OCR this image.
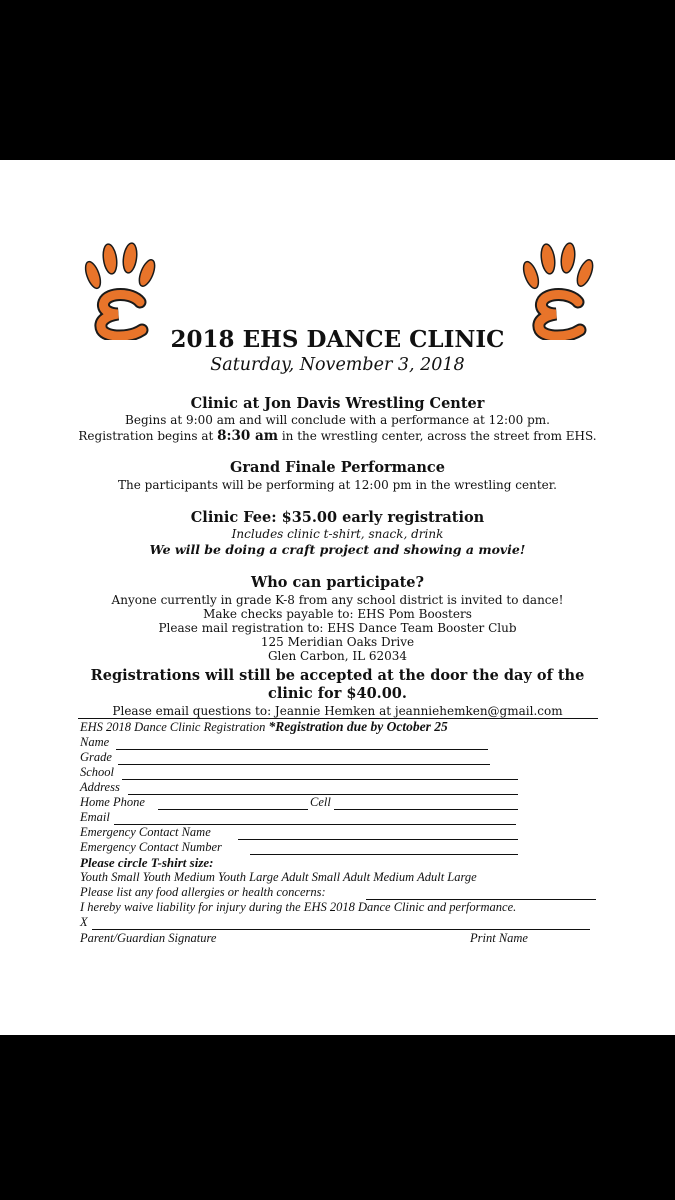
2018 EHS DANCE CLINIC
Saturday, November 3, 2018
Clinic at Jon Davis Wrestling Center
Begins at 9:00 am and will conclude with a performance at 12:00 pm.
Registration begins at 8:30 am in the wrestling center, across the street from EHS.
Grand Finale Performance
The participants will be performing at 12:00 pm in the wrestling center.
Clinic Fee: $35.00 early registration
Includes clinic t-shirt, snack, drink
We will be doing a craft project and showing a movie!
Who can participate?
Anyone currently in grade K-8 from any school district is invited to dance!
Make checks payable to: EHS Pom Boosters
Please mail registration to: EHS Dance Team Booster Club
125 Meridian Oaks Drive
Glen Carbon, IL 62034
Registrations will still be accepted at the door the day of the
clinic for $40.00.
Please email questions to: Jeannie Hemken at jeanniehemken@gmail.com
EHS 2018 Dance Clinic Registration *Registration due by October 25
Name
Grade
School
Address
Home Phone	Cell
Email
Emergency Contact Name
Emergency Contact Number
Please circle T-shirt size:
Youth Small Youth Medium Youth Large Adult Small Adult Medium Adult Large
Please list any food allergies or health concerns:
I hereby waive liability for injury during the EHS 2018 Dance Clinic and performance.
X
Parent/Guardian Signature	Print Name
